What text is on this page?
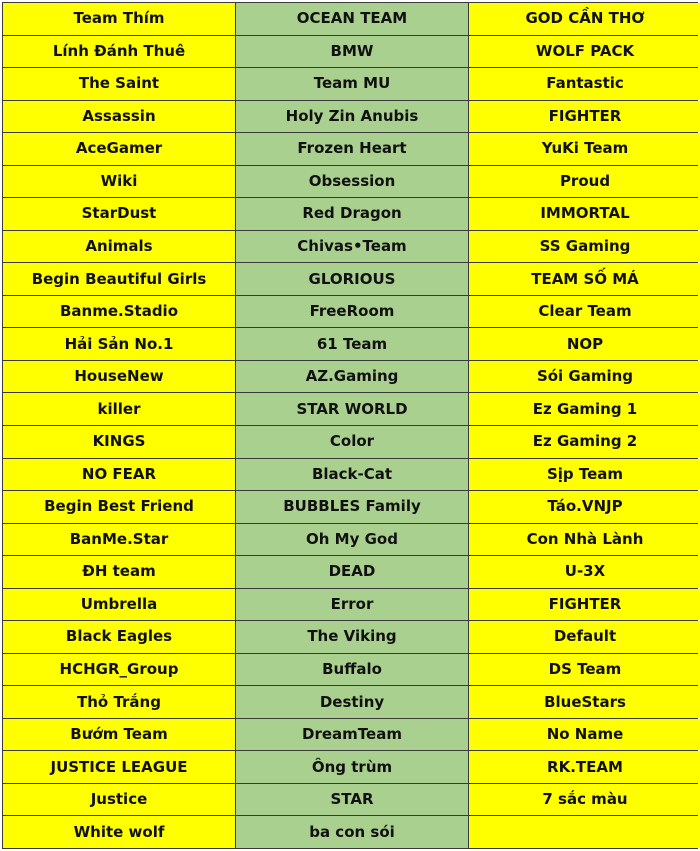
Team Thím	OCEAN TEAM	GOD CẦN THƠ
Lính Đánh Thuê	BMW	WOLF PACK
The Saint	Team MU	Fantastic
Assassin	Holy Zin Anubis	FIGHTER
AceGamer	Frozen Heart	YuKi Team
Wiki	Obsession	Proud
StarDust	Red Dragon	IMMORTAL
Animals	Chivas•Team	SS Gaming
Begin Beautiful Girls	GLORIOUS	TEAM SỐ MÁ
Banme.Stadio	FreeRoom	Clear Team
Hải Sản No.1	61 Team	NOP
HouseNew	AZ.Gaming	Sói Gaming
killer	STAR WORLD	Ez Gaming 1
KINGS	Color	Ez Gaming 2
NO FEAR	Black-Cat	Sịp Team
Begin Best Friend	BUBBLES Family	Táo.VNJP
BanMe.Star	Oh My God	Con Nhà Lành
ĐH team	DEAD	U-3X
Umbrella	Error	FIGHTER
Black Eagles	The Viking	Default
HCHGR_Group	Buffalo	DS Team
Thỏ Trắng	Destiny	BlueStars
Bướm Team	DreamTeam	No Name
JUSTICE LEAGUE	Ông trùm	RK.TEAM
Justice	STAR	7 sắc màu
White wolf	ba con sói
